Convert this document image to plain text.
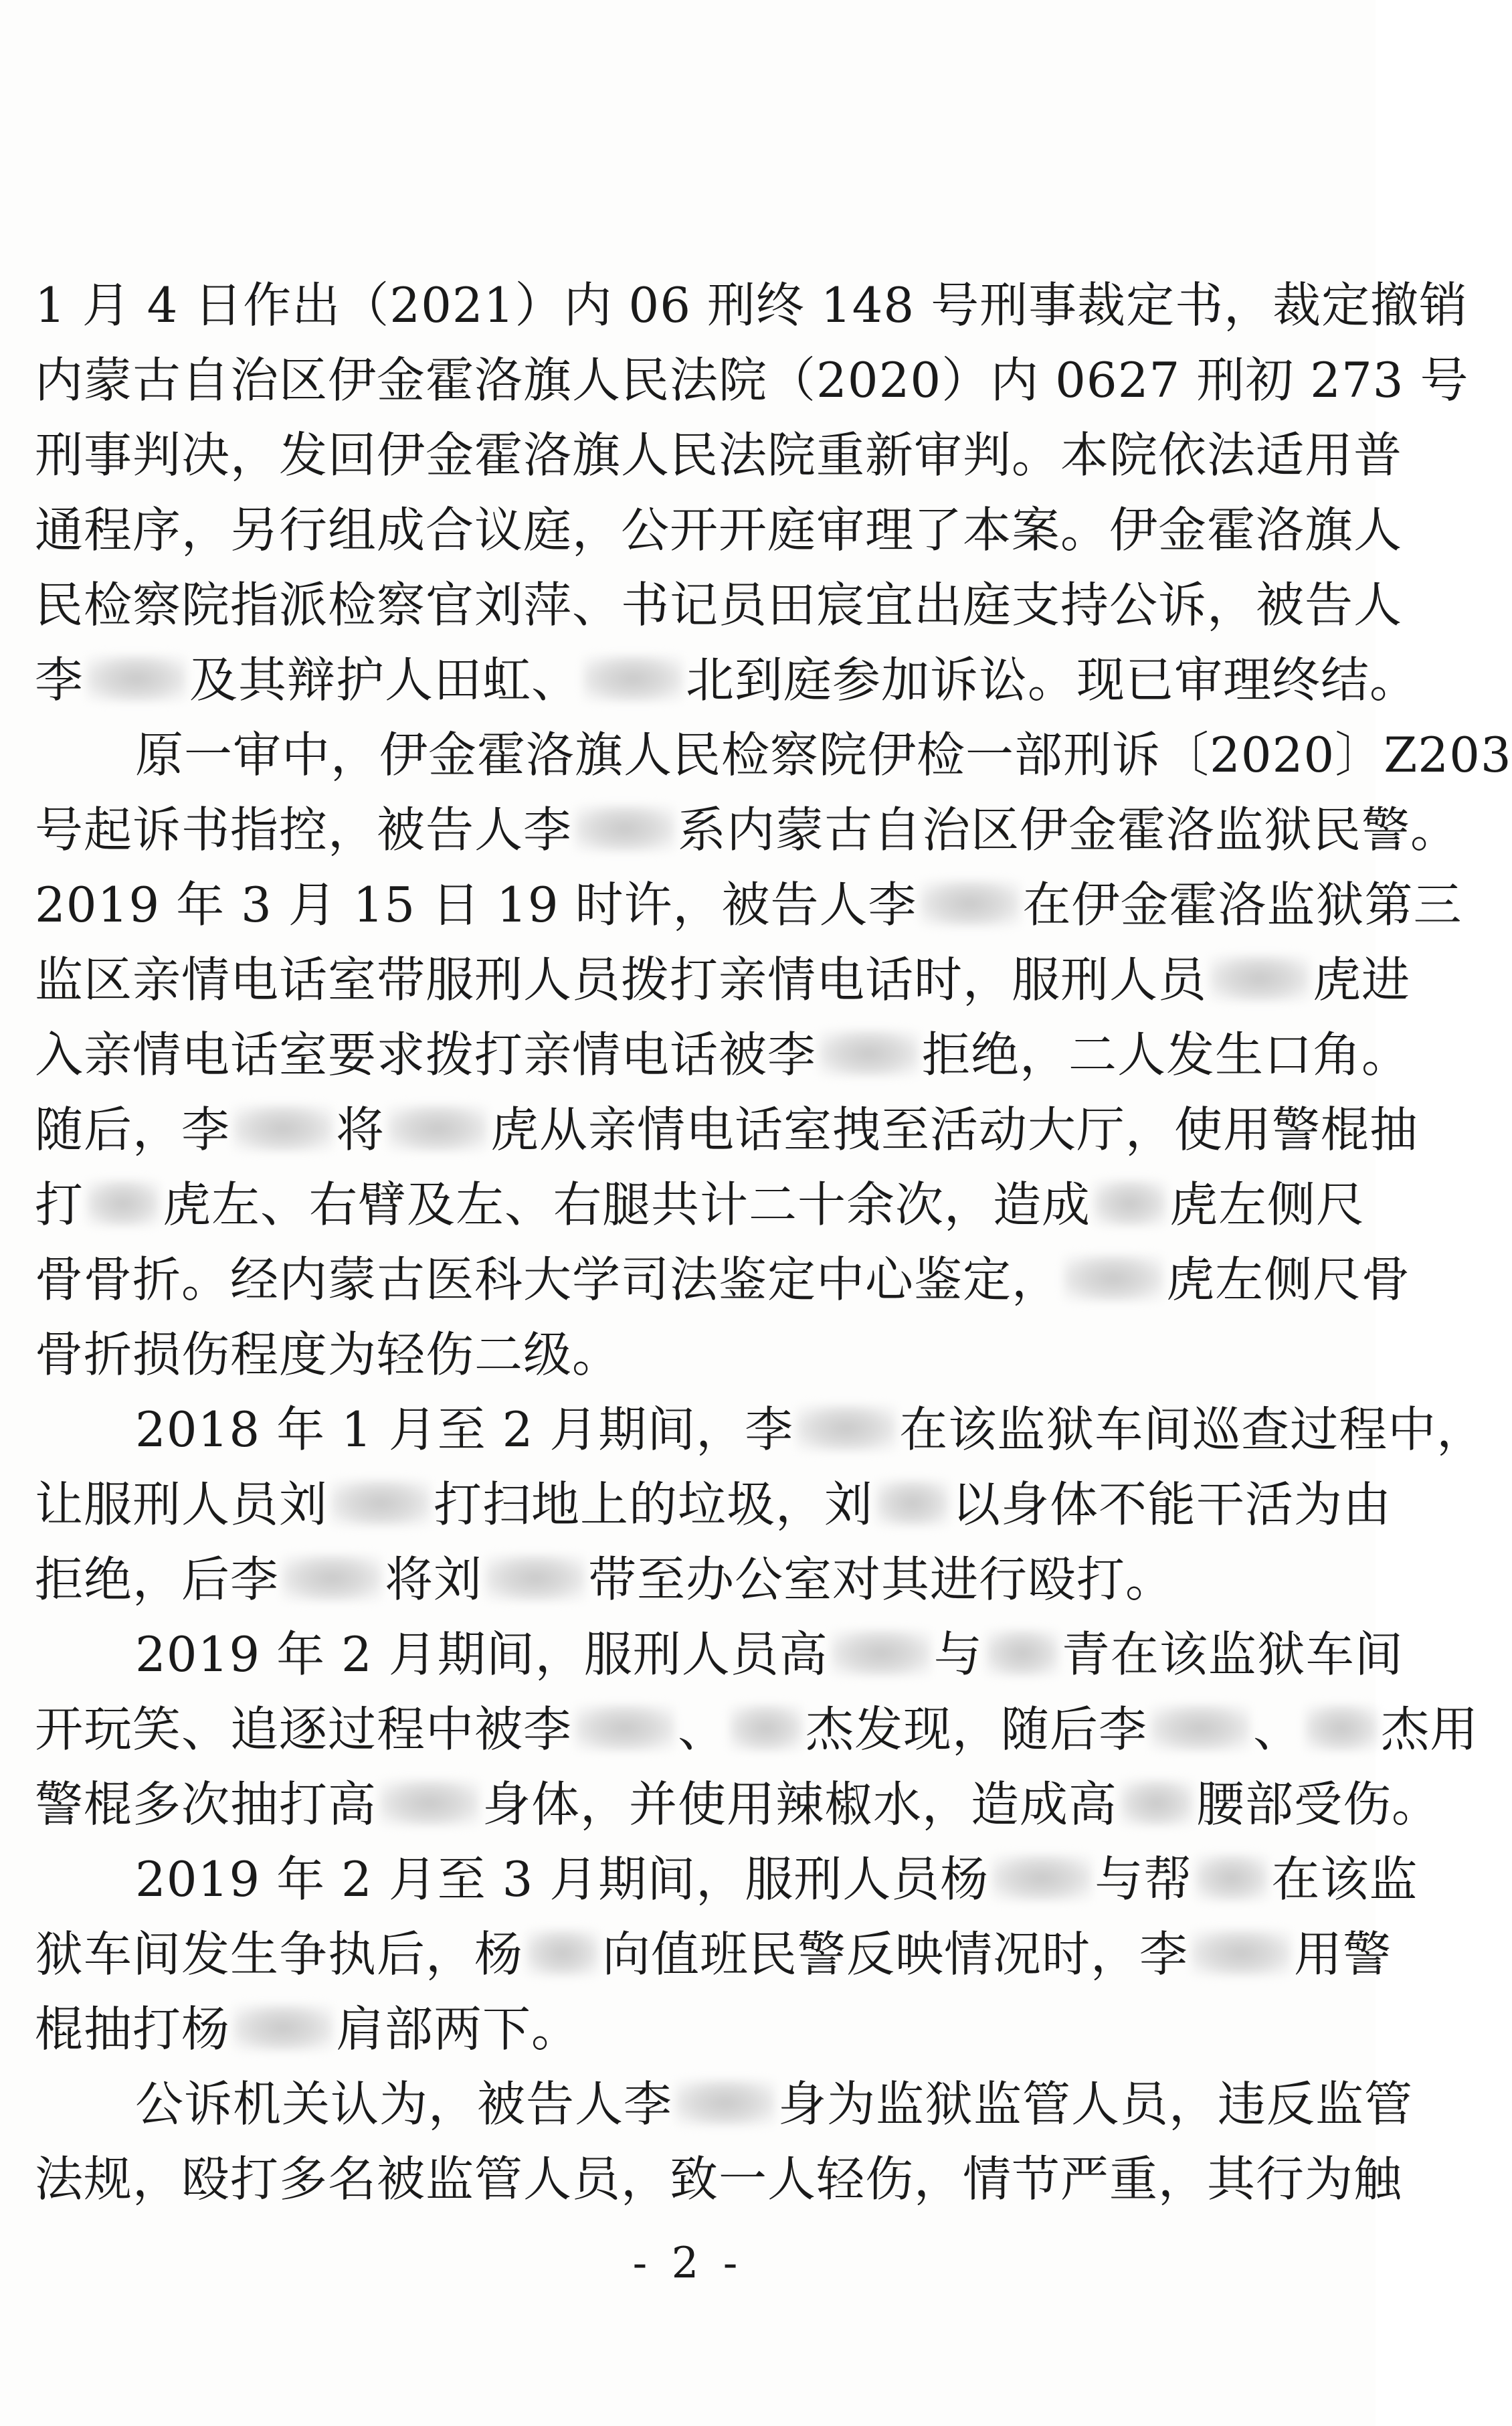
1 月 4 日作出（2021）内 06 刑终 148 号刑事裁定书，裁定撤销
内蒙古自治区伊金霍洛旗人民法院（2020）内 0627 刑初 273 号
刑事判决，发回伊金霍洛旗人民法院重新审判。本院依法适用普
通程序，另行组成合议庭，公开开庭审理了本案。伊金霍洛旗人
民检察院指派检察官刘萍、书记员田宸宜出庭支持公诉，被告人
李 及其辩护人田虹、 北到庭参加诉讼。现已审理终结。
原一审中，伊金霍洛旗人民检察院伊检一部刑诉〔2020〕Z203
号起诉书指控，被告人李 系内蒙古自治区伊金霍洛监狱民警。
2019 年 3 月 15 日 19 时许，被告人李 在伊金霍洛监狱第三
监区亲情电话室带服刑人员拨打亲情电话时，服刑人员 虎进
入亲情电话室要求拨打亲情电话被李 拒绝，二人发生口角。
随后，李 将 虎从亲情电话室拽至活动大厅，使用警棍抽
打 虎左、右臂及左、右腿共计二十余次，造成 虎左侧尺
骨骨折。经内蒙古医科大学司法鉴定中心鉴定， 虎左侧尺骨
骨折损伤程度为轻伤二级。
2018 年 1 月至 2 月期间，李 在该监狱车间巡查过程中，
让服刑人员刘 打扫地上的垃圾，刘 以身体不能干活为由
拒绝，后李 将刘 带至办公室对其进行殴打。
2019 年 2 月期间，服刑人员高 与 青在该监狱车间
开玩笑、追逐过程中被李 、 杰发现，随后李 、 杰用
警棍多次抽打高 身体，并使用辣椒水，造成高 腰部受伤。
2019 年 2 月至 3 月期间，服刑人员杨 与帮 在该监
狱车间发生争执后，杨 向值班民警反映情况时，李 用警
棍抽打杨 肩部两下。
公诉机关认为，被告人李 身为监狱监管人员，违反监管
法规，殴打多名被监管人员，致一人轻伤，情节严重，其行为触
- 2 -
